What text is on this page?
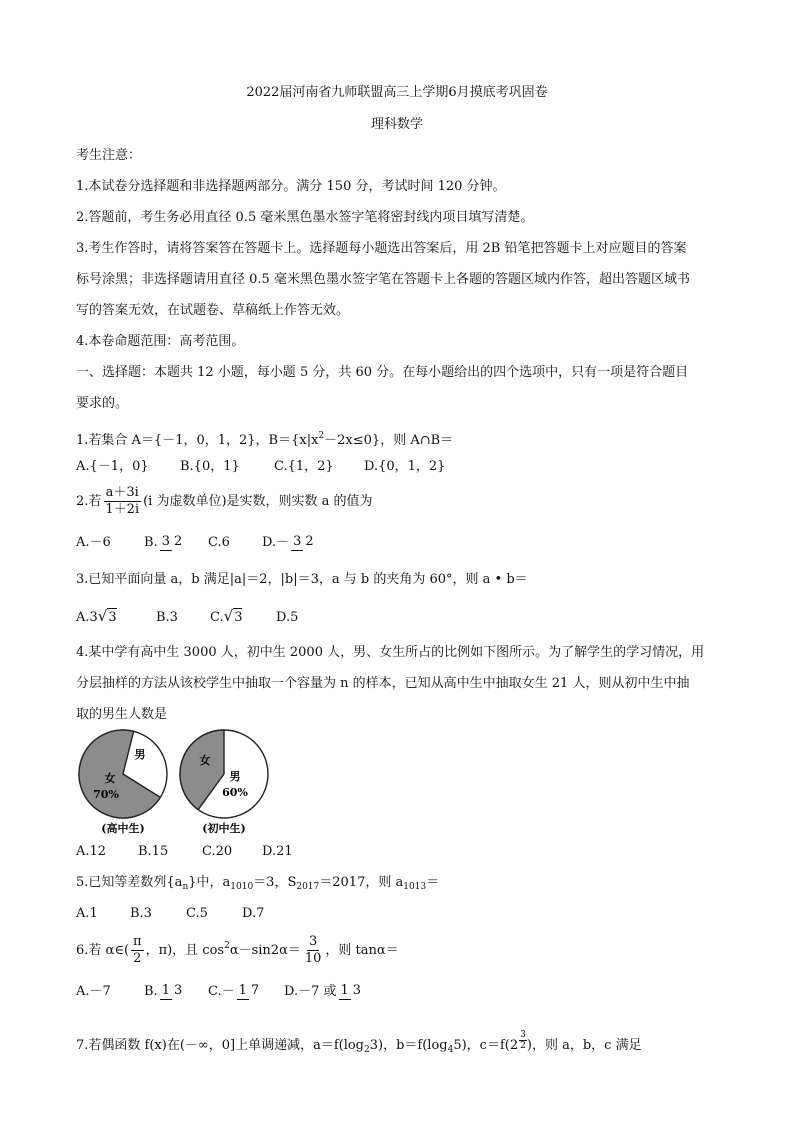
2022届河南省九师联盟高三上学期6月摸底考巩固卷
理科数学
考生注意：
1.本试卷分选择题和非选择题两部分。满分 150 分，考试时间 120 分钟。
2.答题前，考生务必用直径 0.5 毫米黑色墨水签字笔将密封线内项目填写清楚。
3.考生作答时，请将答案答在答题卡上。选择题每小题选出答案后，用 2B 铅笔把答题卡上对应题目的答案
标号涂黑；非选择题请用直径 0.5 毫米黑色墨水签字笔在答题卡上各题的答题区域内作答，超出答题区域书
写的答案无效，在试题卷、草稿纸上作答无效。
4.本卷命题范围：高考范围。
一、选择题：本题共 12 小题，每小题 5 分，共 60 分。在每小题给出的四个选项中，只有一项是符合题目
要求的。
1.若集合 A＝{－1，0，1，2}，$B=\{x|x^2-2x\le 0\}$，则 A∩B＝
A.{－1，0} B.{0，1}	C.{1，2} D.{0，1，2}
2.若 $\frac{a+3i}{1+2i} (i$ 为虚数单位)是实数，则实数 a 的值为
A.－6	B. 3 2 C.6 D.－ 3 2
3.已知平面向量 a，b 满足|a|＝2，|b|＝3，a 与 b 的夹角为 60°，则 a • b＝
A.3√3	B.3 C.√3	D.5
4.某中学有高中生 3000 人，初中生 2000 人，男、女生所占的比例如下图所示。为了解学生的学习情况，用
分层抽样的方法从该校学生中抽取一个容量为 n 的样本，已知从高中生中抽取女生 21 人，则从初中生中抽
取的男生人数是
女
70%
男
(高中生)
女
男
60%
(初中生)
A.12 B.15	C.20 D.21
5.已知等差数列$\{a_n\}$中，$a_{1010}=3$，$S_{2017}=2017$，则 $a_{1013}=$
A.1 B.3	C.5	D.7
6.若 α∈( $\frac{\pi}{2}$ ，π)，且 $\cos^2\alpha-\sin 2\alpha= \frac{3}{10}$ ，则 tanα＝
A.－7	B. 1 3 C.－ 1 7 D.－7 或 1 3
7.若偶函数 f(x)在(－∞，0]上单调递减，$a=f(\log_23)$，$b=f(\log_45)$，$c=f(2 \frac{3}{2}$ )，则 a，b，c 满足
